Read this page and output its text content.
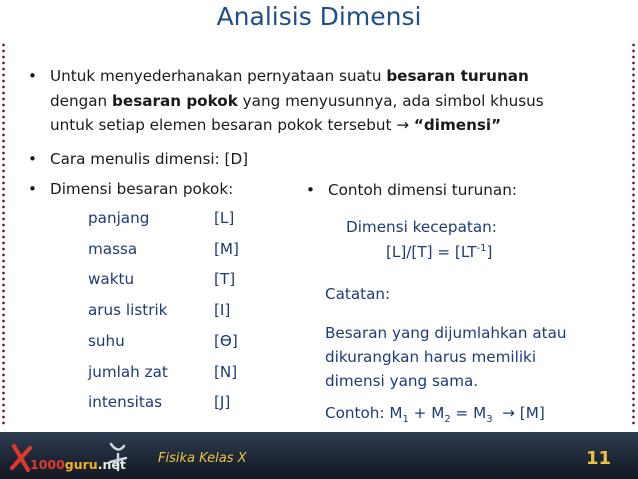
Analisis Dimensi
• Untuk menyederhanakan pernyataan suatu besaran turunan
dengan besaran pokok yang menyusunnya, ada simbol khusus
untuk setiap elemen besaran pokok tersebut → “dimensi”
• Cara menulis dimensi: [D]
• Dimensi besaran pokok:
panjang	[L]
massa	[M]
waktu	[T]
arus listrik	[I]
suhu	[Ɵ]
jumlah zat	[N]
intensitas	[J]
• Contoh dimensi turunan:
Dimensi kecepatan:
$[L]/[T] = [LT^{-1}]$
Catatan:
Besaran yang dijumlahkan atau
dikurangkan harus memiliki
dimensi yang sama.
Contoh: $M_1 + M_2 = M_3 \to [M]$
1000guru.net Fisika Kelas X	11
